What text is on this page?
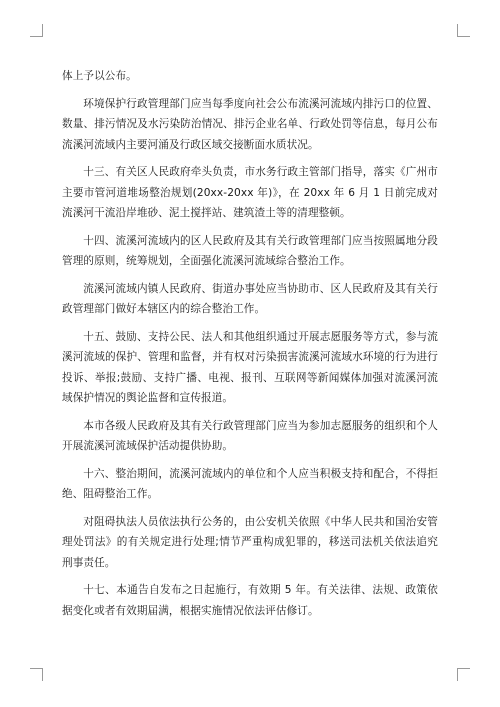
体上予以公布。

环境保护行政管理部门应当每季度向社会公布流溪河流域内排污口的位置、数量、排污情况及水污染防治情况、排污企业名单、行政处罚等信息，每月公布流溪河流域内主要河涌及行政区域交接断面水质状况。

十三、有关区人民政府牵头负责，市水务行政主管部门指导，落实《广州市主要市管河道堆场整治规划(20xx-20xx 年)》，在 20xx 年 6 月 1 日前完成对流溪河干流沿岸堆砂、泥土搅拌站、建筑渣土等的清理整顿。

十四、流溪河流域内的区人民政府及其有关行政管理部门应当按照属地分段管理的原则，统筹规划，全面强化流溪河流域综合整治工作。

流溪河流域内镇人民政府、街道办事处应当协助市、区人民政府及其有关行政管理部门做好本辖区内的综合整治工作。

十五、鼓励、支持公民、法人和其他组织通过开展志愿服务等方式，参与流溪河流域的保护、管理和监督，并有权对污染损害流溪河流域水环境的行为进行投诉、举报;鼓励、支持广播、电视、报刊、互联网等新闻媒体加强对流溪河流域保护情况的舆论监督和宣传报道。

本市各级人民政府及其有关行政管理部门应当为参加志愿服务的组织和个人开展流溪河流域保护活动提供协助。

十六、整治期间，流溪河流域内的单位和个人应当积极支持和配合，不得拒绝、阻碍整治工作。

对阻碍执法人员依法执行公务的，由公安机关依照《中华人民共和国治安管理处罚法》的有关规定进行处理;情节严重构成犯罪的，移送司法机关依法追究刑事责任。

十七、本通告自发布之日起施行，有效期 5 年。有关法律、法规、政策依据变化或者有效期届满，根据实施情况依法评估修订。
